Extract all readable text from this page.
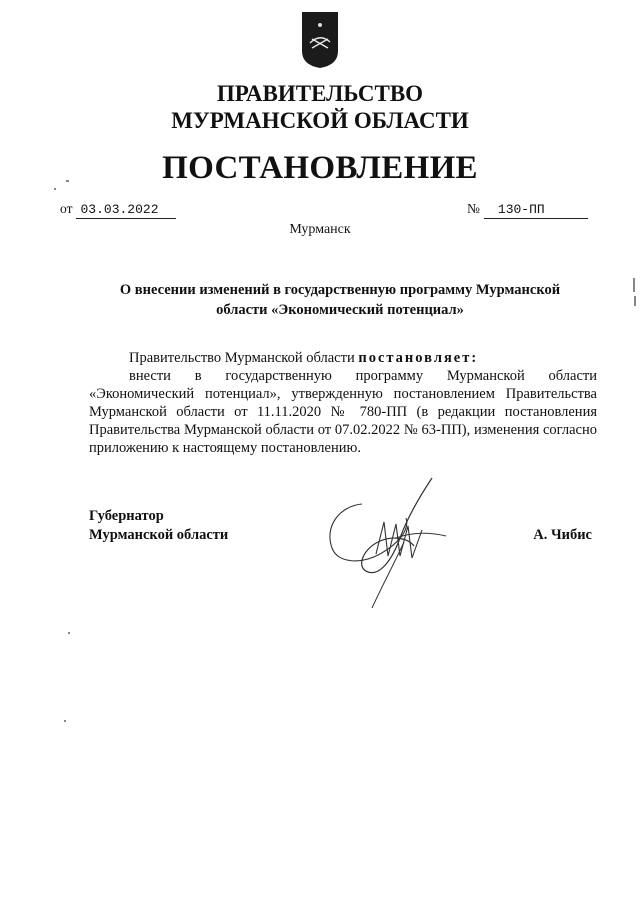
ПРАВИТЕЛЬСТВО
МУРМАНСКОЙ ОБЛАСТИ
ПОСТАНОВЛЕНИЕ
от 03.03.2022	№ 130-ПП
Мурманск
О внесении изменений в государственную программу Мурманской
области «Экономический потенциал»

Правительство Мурманской области постановляет:

внести в государственную программу Мурманской области «Экономический потенциал», утвержденную постановлением Правительства Мурманской области от 11.11.2020 № 780-ПП (в редакции постановления Правительства Мурманской области от 07.02.2022 № 63-ПП), изменения согласно приложению к настоящему постановлению.

Губернатор
Мурманской области	А. Чибис
